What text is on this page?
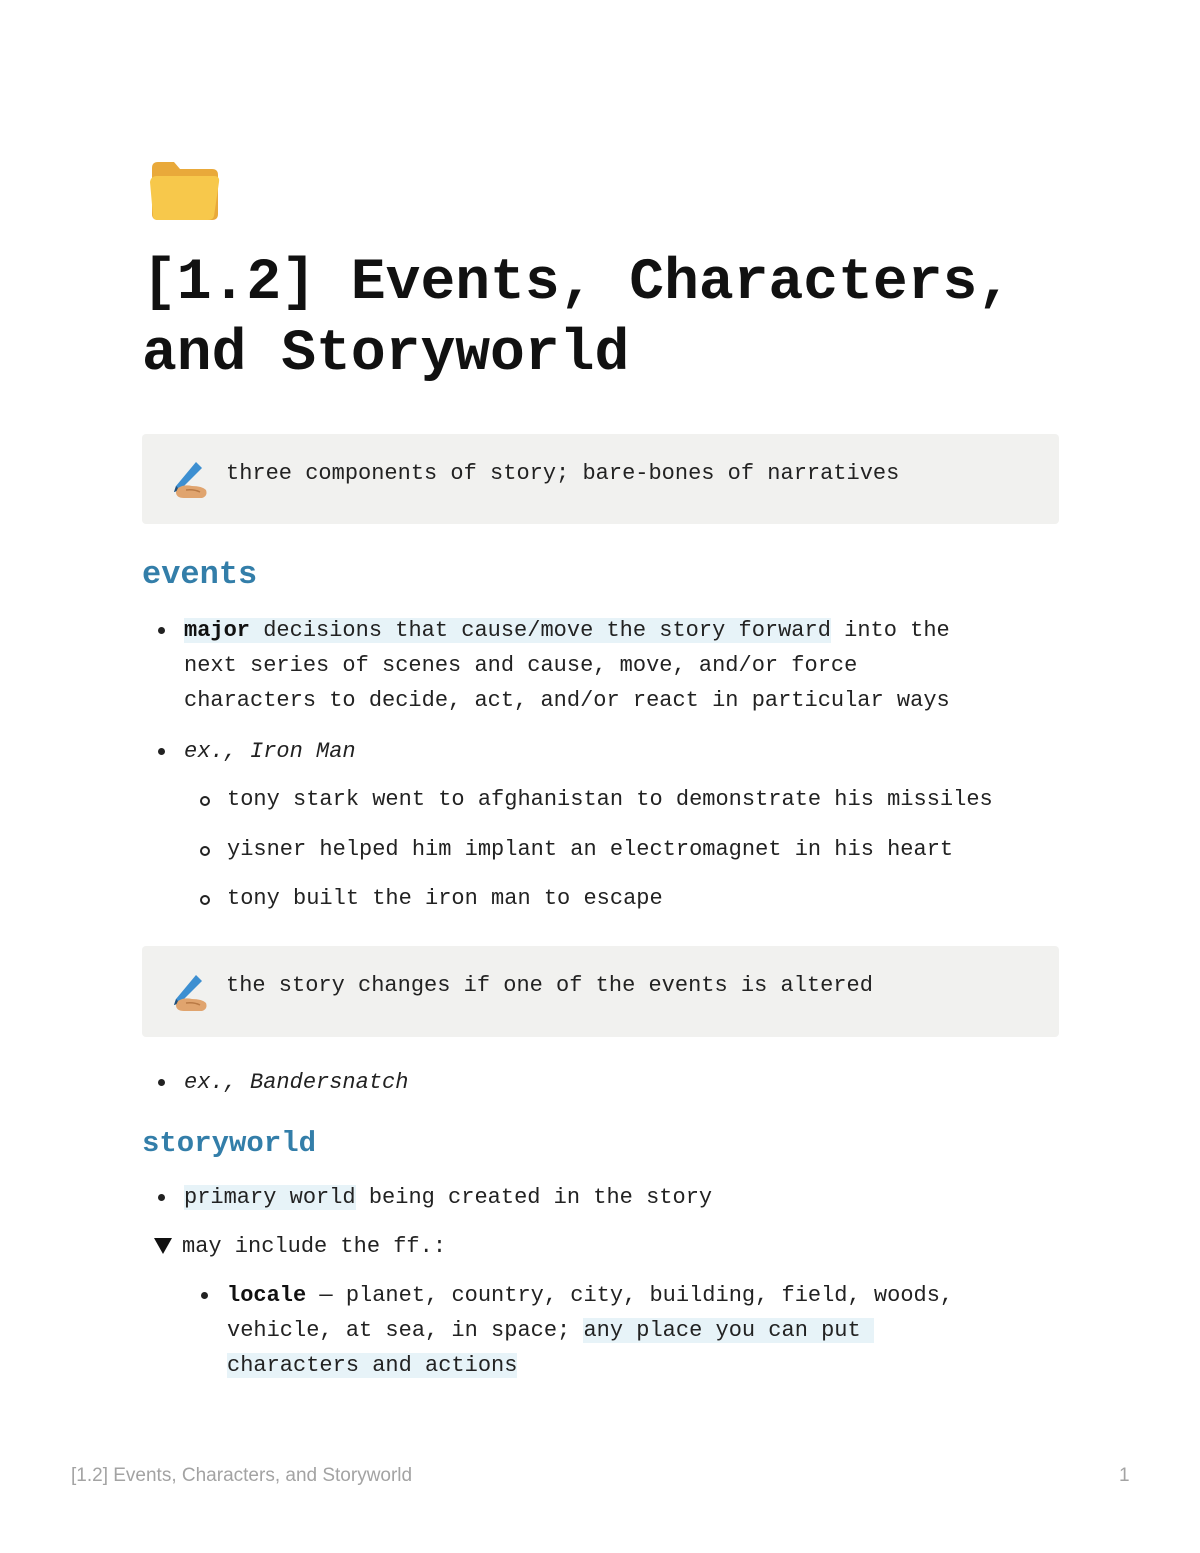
[1.2] Events, Characters,
and Storyworld
three components of story; bare-bones of narratives
events
major decisions that cause/move the story forward into the
next series of scenes and cause, move, and/or force
characters to decide, act, and/or react in particular ways
ex., Iron Man
tony stark went to afghanistan to demonstrate his missiles
yisner helped him implant an electromagnet in his heart
tony built the iron man to escape
the story changes if one of the events is altered
ex., Bandersnatch
storyworld
primary world being created in the story
may include the ff.:
locale — planet, country, city, building, field, woods,
vehicle, at sea, in space; any place you can put
characters and actions
[1.2] Events, Characters, and Storyworld	1
